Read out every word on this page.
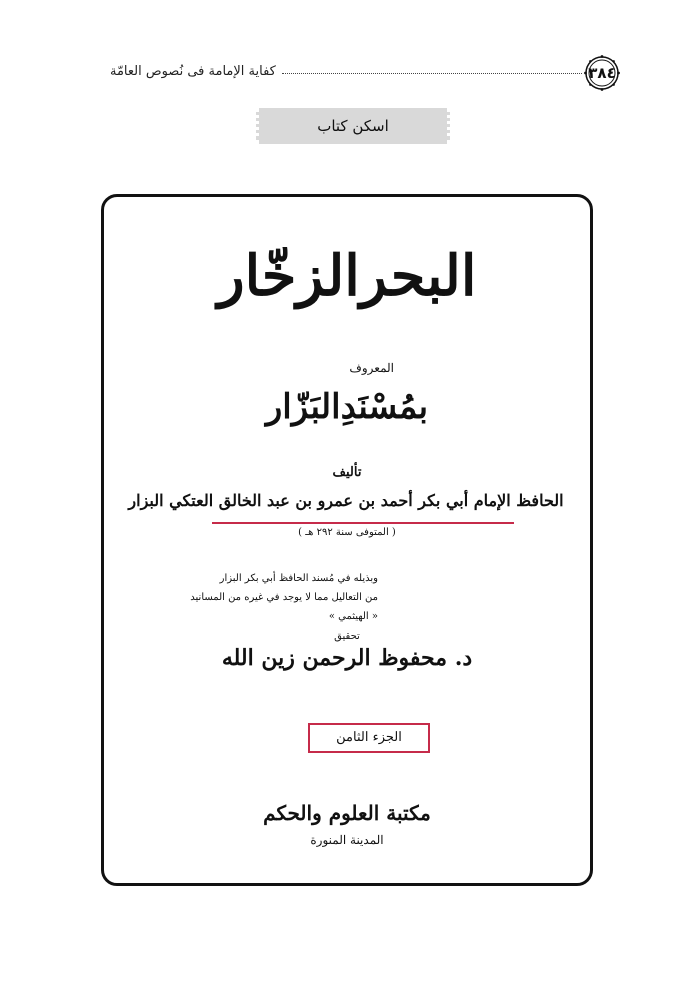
٣٨٤
كفاية الإمامة فى نُصوص العامّة
اسكن كتاب
البحرالزخّار
المعروف
بمُسْنَدِالبَزّار
تأليف
الحافظ الإمام أبي بكر أحمد بن عمرو بن عبد الخالق العتكي البزار
( المتوفى سنة ٢٩٢ هـ )
وبذيله في مُسند الحافظ أبي بكر البزار
من التعاليل مما لا يوجد في غيره من المسانيد
« الهيثمي »
تحقيق
د. محفوظ الرحمن زين الله
الجزء الثامن
مكتبة العلوم والحكم
المدينة المنورة
